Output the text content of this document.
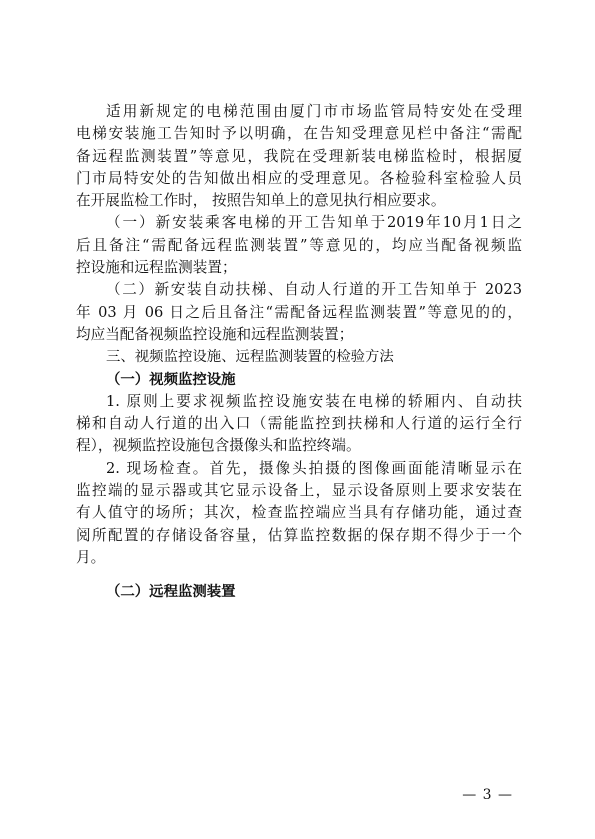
适用新规定的电梯范围由厦门市市场监管局特安处在受理
电梯安装施工告知时予以明确，在告知受理意见栏中备注“需配
备远程监测装置”等意见，我院在受理新装电梯监检时，根据厦
门市局特安处的告知做出相应的受理意见。各检验科室检验人员
在开展监检工作时， 按照告知单上的意见执行相应要求。
（一）新安装乘客电梯的开工告知单于2019年10月1日之
后且备注“需配备远程监测装置”等意见的，均应当配备视频监
控设施和远程监测装置；
（二）新安装自动扶梯、自动人行道的开工告知单于 2023
年 03 月 06 日之后且备注“需配备远程监测装置”等意见的的，
均应当配备视频监控设施和远程监测装置；
三、视频监控设施、远程监测装置的检验方法
（一）视频监控设施
1. 原则上要求视频监控设施安装在电梯的轿厢内、自动扶
梯和自动人行道的出入口（需能监控到扶梯和人行道的运行全行
程），视频监控设施包含摄像头和监控终端。
2. 现场检查。首先，摄像头拍摄的图像画面能清晰显示在
监控端的显示器或其它显示设备上，显示设备原则上要求安装在
有人值守的场所；其次，检查监控端应当具有存储功能，通过查
阅所配置的存储设备容量，估算监控数据的保存期不得少于一个
月。
（二）远程监测装置
— 3 —
